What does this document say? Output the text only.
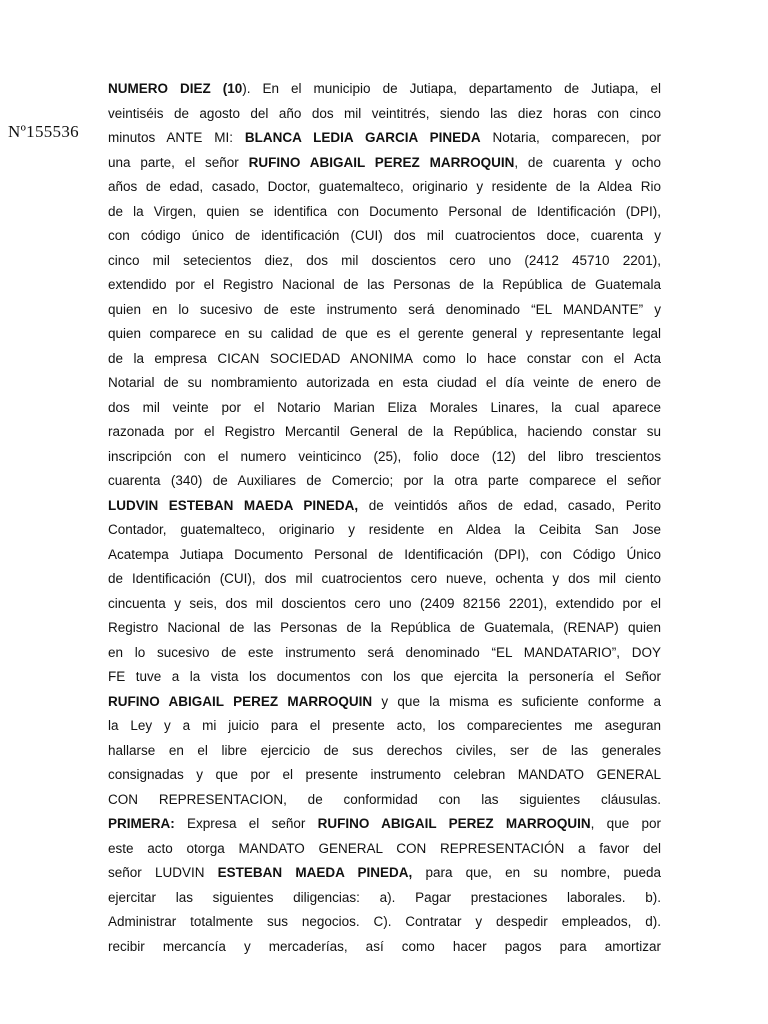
Nº155536
NUMERO DIEZ (10). En el municipio de Jutiapa, departamento de Jutiapa, el
veintiséis de agosto del año dos mil veintitrés, siendo las diez horas con cinco
minutos ANTE MI: BLANCA LEDIA GARCIA PINEDA Notaria, comparecen, por
una parte, el señor RUFINO ABIGAIL PEREZ MARROQUIN, de cuarenta y ocho
años de edad, casado, Doctor, guatemalteco, originario y residente de la Aldea Rio
de la Virgen, quien se identifica con Documento Personal de Identificación (DPI),
con código único de identificación (CUI) dos mil cuatrocientos doce, cuarenta y
cinco mil setecientos diez, dos mil doscientos cero uno (2412 45710 2201),
extendido por el Registro Nacional de las Personas de la República de Guatemala
quien en lo sucesivo de este instrumento será denominado “EL MANDANTE” y
quien comparece en su calidad de que es el gerente general y representante legal
de la empresa CICAN SOCIEDAD ANONIMA como lo hace constar con el Acta
Notarial de su nombramiento autorizada en esta ciudad el día veinte de enero de
dos mil veinte por el Notario Marian Eliza Morales Linares, la cual aparece
razonada por el Registro Mercantil General de la República, haciendo constar su
inscripción con el numero veinticinco (25), folio doce (12) del libro trescientos
cuarenta (340) de Auxiliares de Comercio; por la otra parte comparece el señor
LUDVIN ESTEBAN MAEDA PINEDA, de veintidós años de edad, casado, Perito
Contador, guatemalteco, originario y residente en Aldea la Ceibita San Jose
Acatempa Jutiapa Documento Personal de Identificación (DPI), con Código Único
de Identificación (CUI), dos mil cuatrocientos cero nueve, ochenta y dos mil ciento
cincuenta y seis, dos mil doscientos cero uno (2409 82156 2201), extendido por el
Registro Nacional de las Personas de la República de Guatemala, (RENAP) quien
en lo sucesivo de este instrumento será denominado “EL MANDATARIO”, DOY
FE tuve a la vista los documentos con los que ejercita la personería el Señor
RUFINO ABIGAIL PEREZ MARROQUIN y que la misma es suficiente conforme a
la Ley y a mi juicio para el presente acto, los comparecientes me aseguran
hallarse en el libre ejercicio de sus derechos civiles, ser de las generales
consignadas y que por el presente instrumento celebran MANDATO GENERAL
CON REPRESENTACION, de conformidad con las siguientes cláusulas.
PRIMERA: Expresa el señor RUFINO ABIGAIL PEREZ MARROQUIN, que por
este acto otorga MANDATO GENERAL CON REPRESENTACIÓN a favor del
señor LUDVIN ESTEBAN MAEDA PINEDA, para que, en su nombre, pueda
ejercitar las siguientes diligencias: a). Pagar prestaciones laborales. b).
Administrar totalmente sus negocios. C). Contratar y despedir empleados, d).
recibir mercancía y mercaderías, así como hacer pagos para amortizar
